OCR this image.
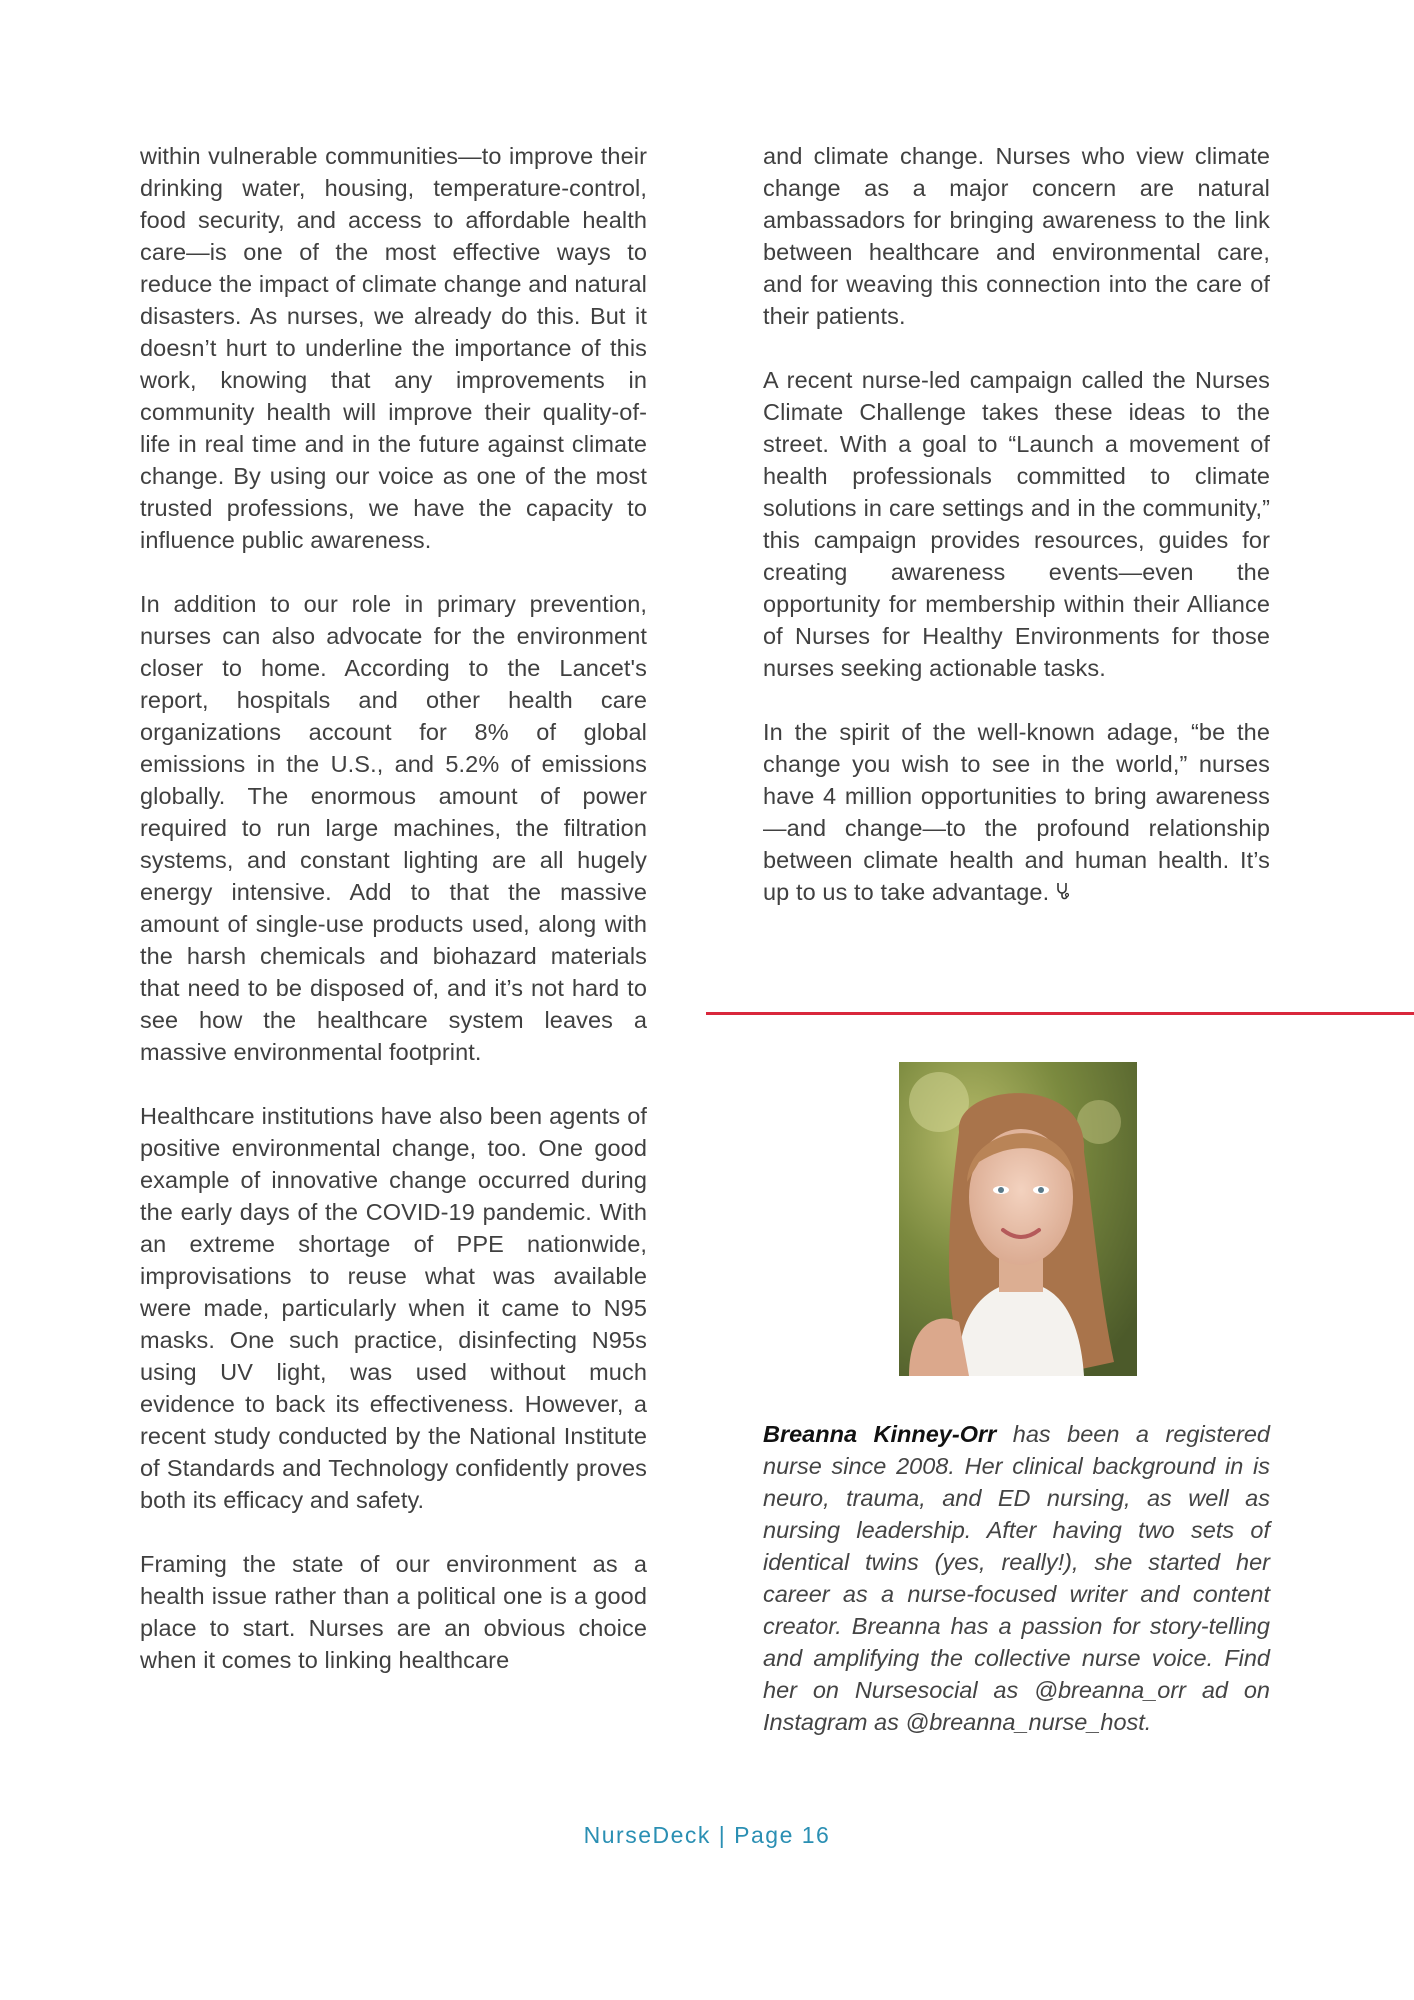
within vulnerable communities—to improve their drinking water, housing, temperature-control, food security, and access to affordable health care—is one of the most effective ways to reduce the impact of climate change and natural disasters. As nurses, we already do this. But it doesn’t hurt to underline the importance of this work, knowing that any improvements in community health will improve their quality-of-life in real time and in the future against climate change. By using our voice as one of the most trusted professions, we have the capacity to influence public awareness.

In addition to our role in primary prevention, nurses can also advocate for the environment closer to home. According to the Lancet's report, hospitals and other health care organizations account for 8% of global emissions in the U.S., and 5.2% of emissions globally. The enormous amount of power required to run large machines, the filtration systems, and constant lighting are all hugely energy intensive. Add to that the massive amount of single-use products used, along with the harsh chemicals and biohazard materials that need to be disposed of, and it’s not hard to see how the healthcare system leaves a massive environmental footprint.

Healthcare institutions have also been agents of positive environmental change, too. One good example of innovative change occurred during the early days of the COVID-19 pandemic. With an extreme shortage of PPE nationwide, improvisations to reuse what was available were made, particularly when it came to N95 masks. One such practice, disinfecting N95s using UV light, was used without much evidence to back its effectiveness. However, a recent study conducted by the National Institute of Standards and Technology confidently proves both its efficacy and safety.

Framing the state of our environment as a health issue rather than a political one is a good place to start. Nurses are an obvious choice when it comes to linking healthcare

and climate change. Nurses who view climate change as a major concern are natural ambassadors for bringing awareness to the link between healthcare and environmental care, and for weaving this connection into the care of their patients.

A recent nurse-led campaign called the Nurses Climate Challenge takes these ideas to the street. With a goal to “Launch a movement of health professionals committed to climate solutions in care settings and in the community,” this campaign provides resources, guides for creating awareness events—even the opportunity for membership within their Alliance of Nurses for Healthy Environments for those nurses seeking actionable tasks.

In the spirit of the well-known adage, “be the change you wish to see in the world,” nurses have 4 million opportunities to bring awareness—and change—to the profound relationship between climate health and human health. It’s up to us to take advantage.

Breanna Kinney-Orr has been a registered nurse since 2008. Her clinical background in is neuro, trauma, and ED nursing, as well as nursing leadership. After having two sets of identical twins (yes, really!), she started her career as a nurse-focused writer and content creator. Breanna has a passion for story-telling and amplifying the collective nurse voice. Find her on Nursesocial as @breanna_orr ad on Instagram as @breanna_nurse_host.
NurseDeck | Page 16
